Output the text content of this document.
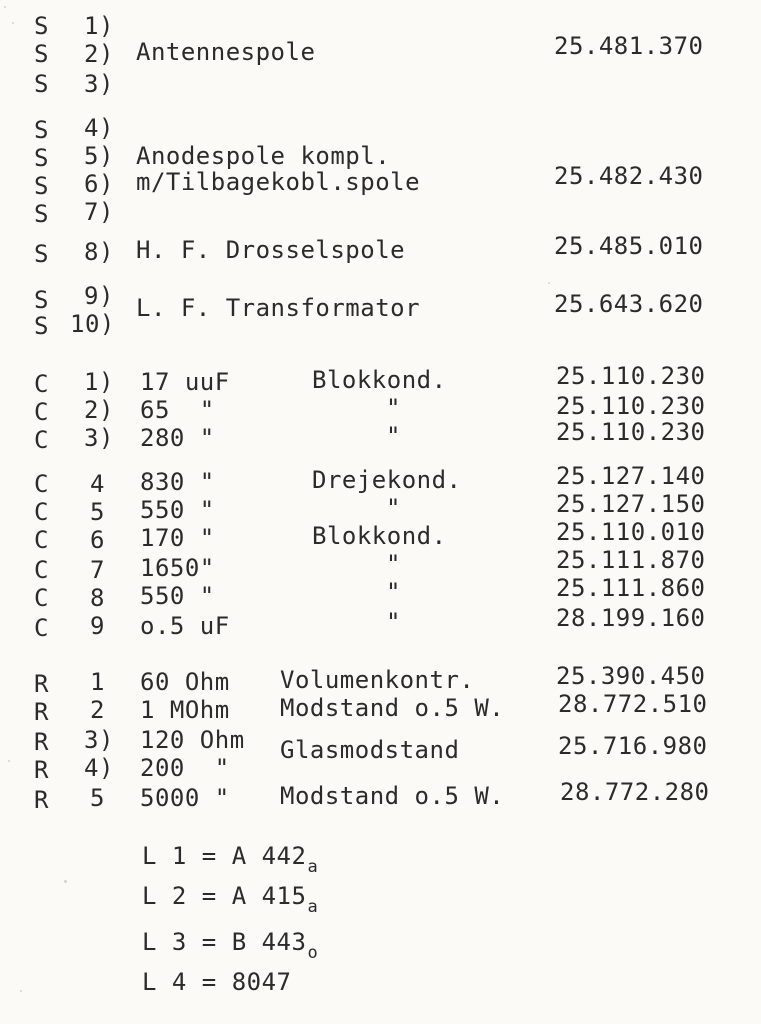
S 1)
S 2) Antennespole	25.481.370
S 3)
S 4)
S 5) Anodespole kompl.
S 6) m/Tilbagekobl.spole	25.482.430
S 7)
S 8) H. F. Drosselspole	25.485.010
S 9) L. F. Transformator	25.643.620
S 10)
C 1) 17 uuF	Blokkond.	25.110.230
C 2) 65  "	"	25.110.230
C 3) 280 "	"	25.110.230
C 4 830 "	Drejekond.	25.127.140
C 5 550 "	"	25.127.150
C 6 170 "	Blokkond.	25.110.010
C 7 1650"	"	25.111.870
C 8 550 "	"	25.111.860
C 9 o.5 uF	"	28.199.160
R 1 60 Ohm Volumenkontr.	25.390.450
R 2 1 MOhm Modstand o.5 W. 28.772.510
R 3) 120 Ohm Glasmodstand	25.716.980
R 4) 200  "
R 5 5000 " Modstand o.5 W. 28.772.280
L 1 = A $442_a$
L 2 = A $415_a$
L 3 = B $443_o$
L 4 = 8047
